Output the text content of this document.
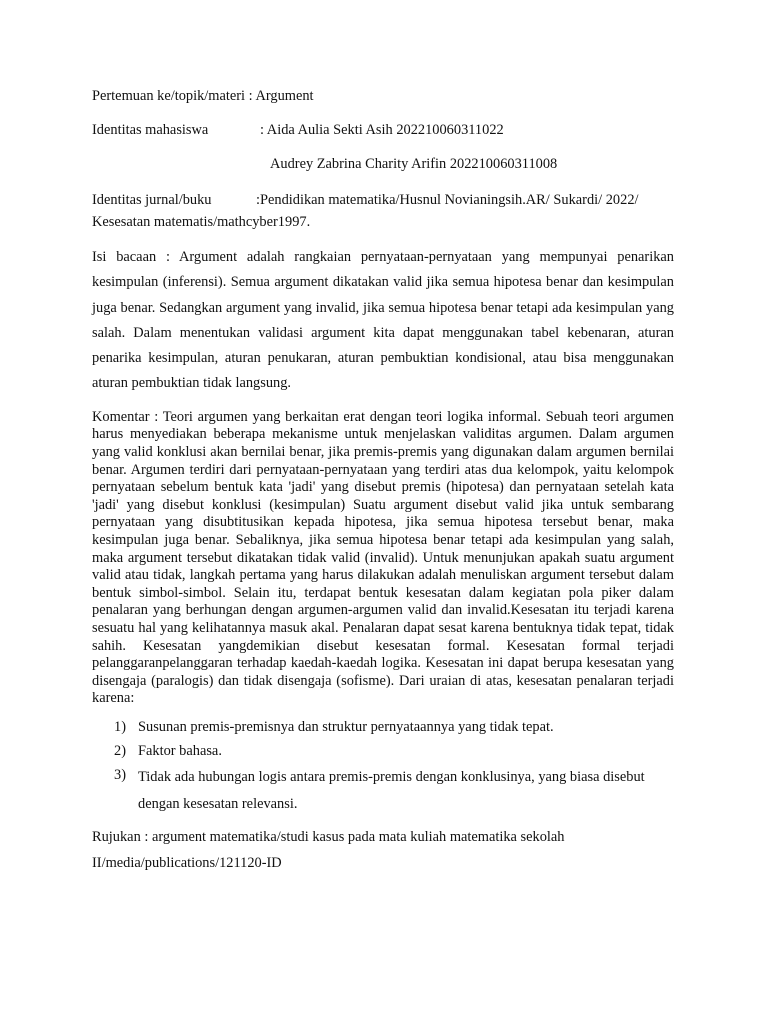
Pertemuan ke/topik/materi : Argument
Identitas mahasiswa	: Aida Aulia Sekti Asih 202210060311022
Audrey Zabrina Charity Arifin 202210060311008
Identitas jurnal/buku	:Pendidikan matematika/Husnul Novianingsih.AR/ Sukardi/ 2022/
Kesesatan matematis/mathcyber1997.
Isi bacaan : Argument adalah rangkaian pernyataan-pernyataan yang mempunyai penarikan kesimpulan (inferensi). Semua argument dikatakan valid jika semua hipotesa benar dan kesimpulan juga benar. Sedangkan argument yang invalid, jika semua hipotesa benar tetapi ada kesimpulan yang salah. Dalam menentukan validasi argument kita dapat menggunakan tabel kebenaran, aturan penarika kesimpulan, aturan penukaran, aturan pembuktian kondisional, atau bisa menggunakan aturan pembuktian tidak langsung.
Komentar : Teori argumen yang berkaitan erat dengan teori logika informal. Sebuah teori argumen harus menyediakan beberapa mekanisme untuk menjelaskan validitas argumen. Dalam argumen yang valid konklusi akan bernilai benar, jika premis-premis yang digunakan dalam argumen bernilai benar. Argumen terdiri dari pernyataan-pernyataan yang terdiri atas dua kelompok, yaitu kelompok pernyataan sebelum bentuk kata 'jadi' yang disebut premis (hipotesa) dan pernyataan setelah kata 'jadi' yang disebut konklusi (kesimpulan) Suatu argument disebut valid jika untuk sembarang pernyataan yang disubtitusikan kepada hipotesa, jika semua hipotesa tersebut benar, maka kesimpulan juga benar. Sebaliknya, jika semua hipotesa benar tetapi ada kesimpulan yang salah, maka argument tersebut dikatakan tidak valid (invalid). Untuk menunjukan apakah suatu argument valid atau tidak, langkah pertama yang harus dilakukan adalah menuliskan argument tersebut dalam bentuk simbol-simbol. Selain itu, terdapat bentuk kesesatan dalam kegiatan pola piker dalam penalaran yang berhungan dengan argumen-argumen valid dan invalid.Kesesatan itu terjadi karena sesuatu hal yang kelihatannya masuk akal. Penalaran dapat sesat karena bentuknya tidak tepat, tidak sahih. Kesesatan yangdemikian disebut kesesatan formal. Kesesatan formal terjadi pelanggaranpelanggaran terhadap kaedah-kaedah logika. Kesesatan ini dapat berupa kesesatan yang disengaja (paralogis) dan tidak disengaja (sofisme). Dari uraian di atas, kesesatan penalaran terjadi karena:
1) Susunan premis-premisnya dan struktur pernyataannya yang tidak tepat.
2) Faktor bahasa.
3) Tidak ada hubungan logis antara premis-premis dengan konklusinya, yang biasa disebut dengan kesesatan relevansi.
Rujukan : argument matematika/studi kasus pada mata kuliah matematika sekolah II/media/publications/121120-ID
